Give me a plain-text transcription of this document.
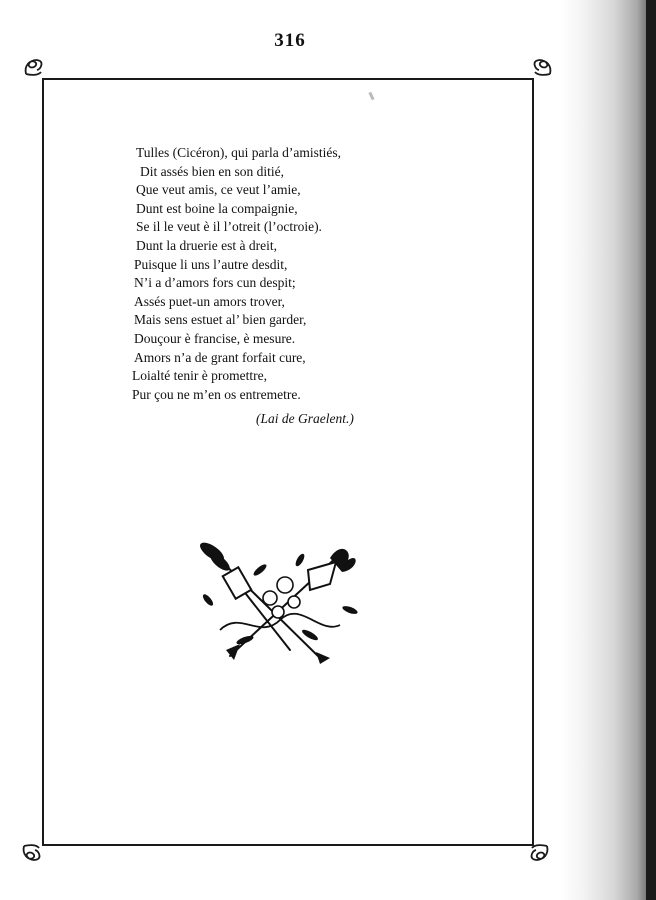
316
Tulles (Cicéron), qui parla d’amistiés,
Dit assés bien en son ditié,
Que veut amis, ce veut l’amie,
Dunt est boine la compaignie,
Se il le veut è il l’otreit (l’octroie).
Dunt la druerie est à dreit,
Puisque li uns l’autre desdit,
N’i a d’amors fors cun despit;
Assés puet-un amors trover,
Mais sens estuet al’ bien garder,
Douçour è francise, è mesure.
Amors n’a de grant forfait cure,
Loialté tenir è promettre,
Pur çou ne m’en os entremetre.
(Lai de Graelent.)
